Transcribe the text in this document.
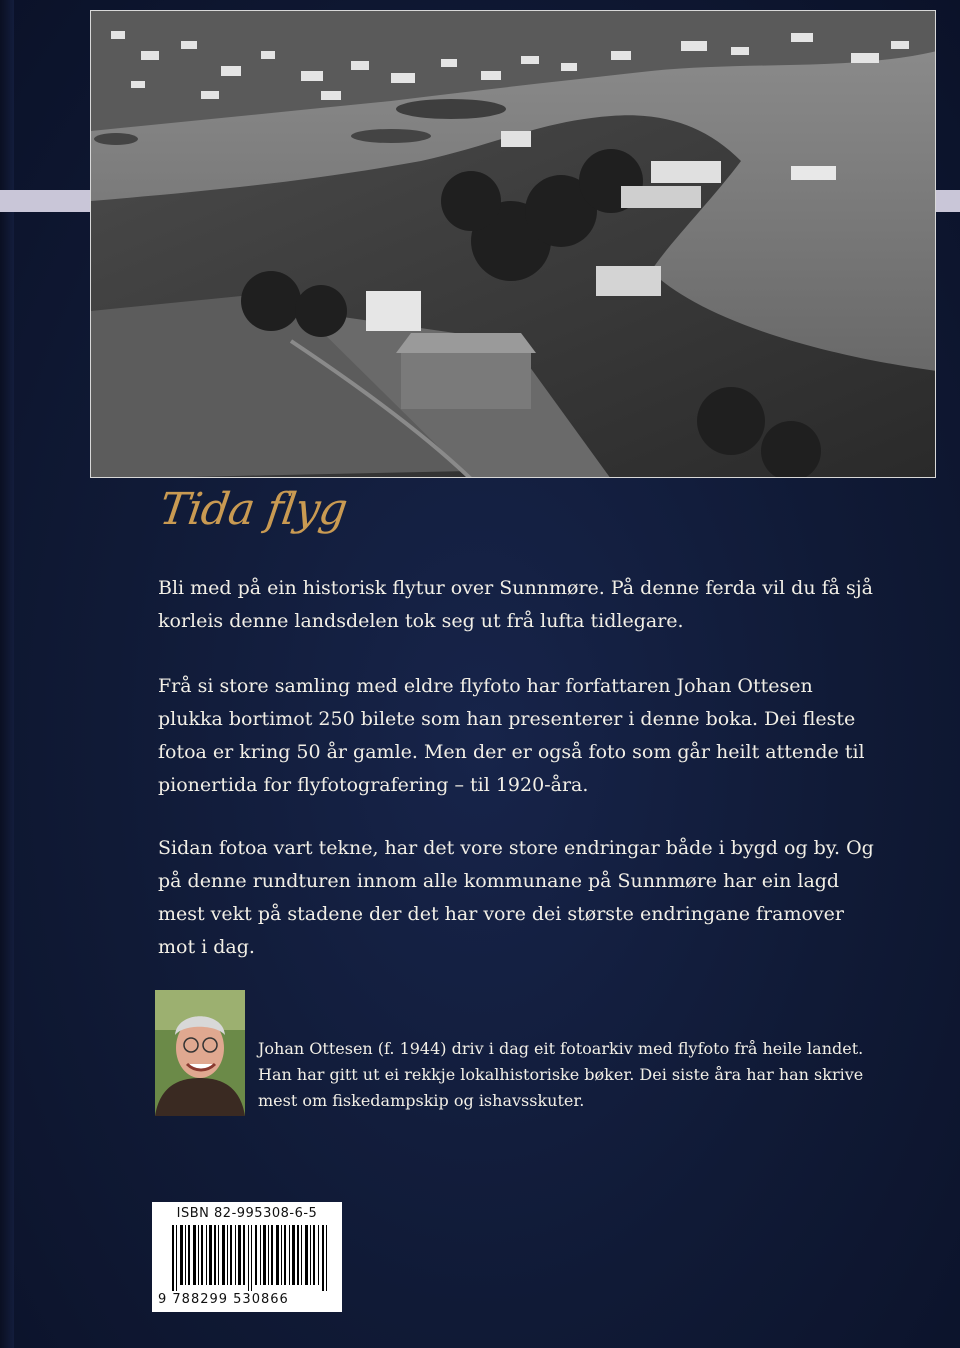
Tida flyg
Bli med på ein historisk flytur over Sunnmøre. På denne ferda vil du få sjå korleis denne landsdelen tok seg ut frå lufta tidlegare.
Frå si store samling med eldre flyfoto har forfattaren Johan Ottesen plukka bortimot 250 bilete som han presenterer i denne boka. Dei fleste fotoa er kring 50 år gamle. Men der er også foto som går heilt attende til pionertida for flyfotografering – til 1920-åra.
Sidan fotoa vart tekne, har det vore store endringar både i bygd og by. Og på denne rundturen innom alle kommunane på Sunnmøre har ein lagd mest vekt på stadene der det har vore dei største endringane framover mot i dag.
Johan Ottesen (f. 1944) driv i dag eit fotoarkiv med flyfoto frå heile landet. Han har gitt ut ei rekkje lokalhistoriske bøker. Dei siste åra har han skrive mest om fiskedampskip og ishavsskuter.
ISBN 82-995308-6-5
9 788299 530866
